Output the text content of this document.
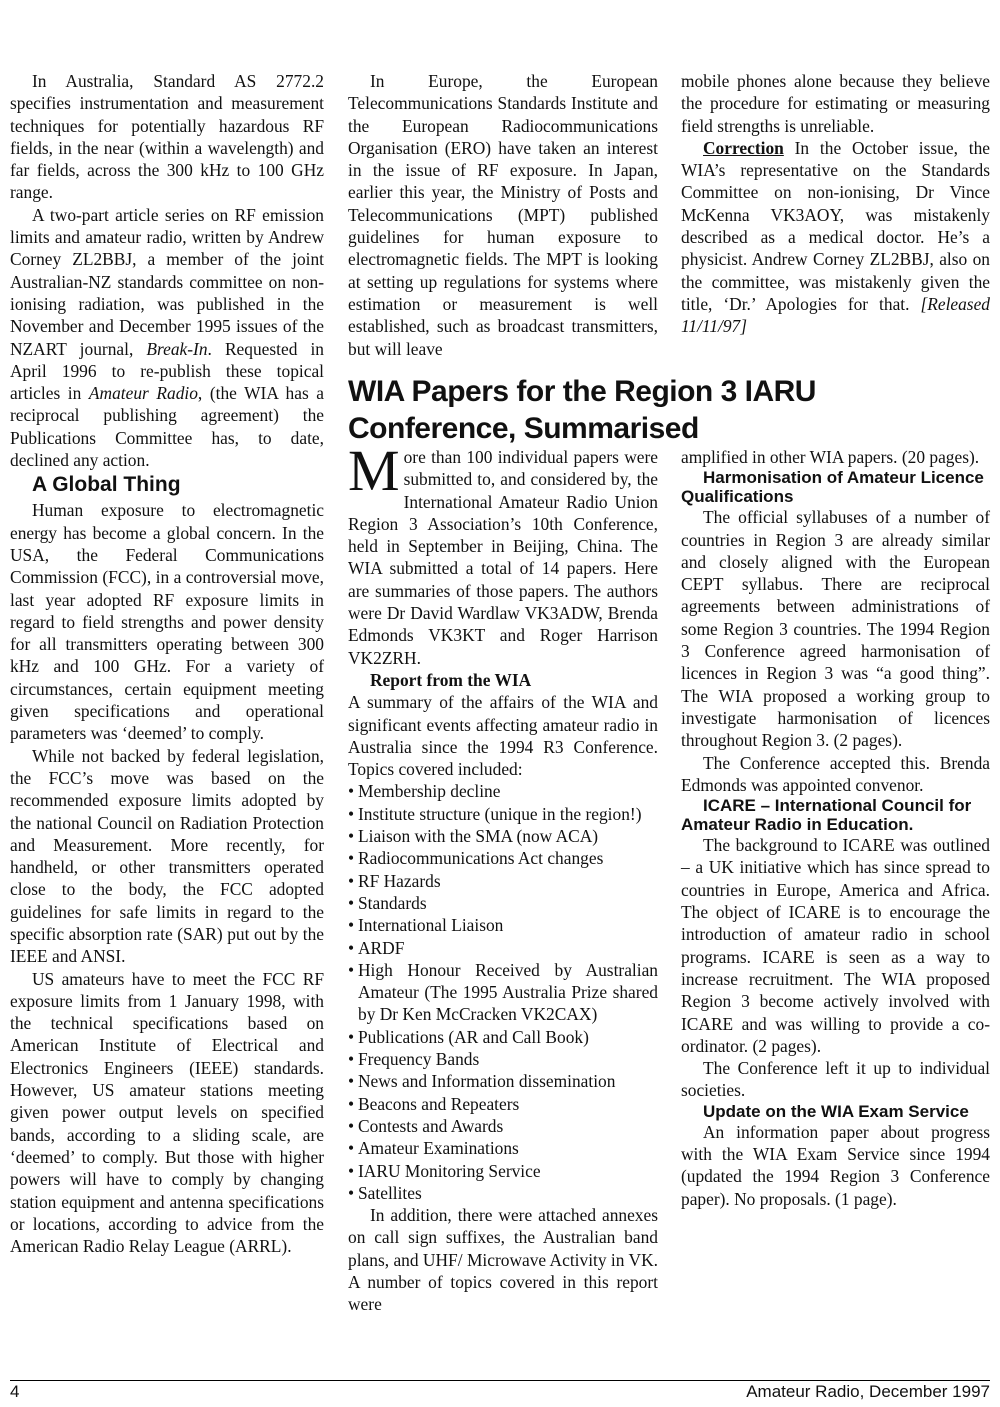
In Australia, Standard AS 2772.2 specifies instrumentation and measurement techniques for potentially hazardous RF fields, in the near (within a wavelength) and far fields, across the 300 kHz to 100 GHz range.

A two-part article series on RF emission limits and amateur radio, written by Andrew Corney ZL2BBJ, a member of the joint Australian-NZ standards committee on non-ionising radiation, was published in the November and December 1995 issues of the NZART journal, Break-In. Requested in April 1996 to re-publish these topical articles in Amateur Radio, (the WIA has a reciprocal publishing agreement) the Publications Committee has, to date, declined any action.

A Global Thing

Human exposure to electromagnetic energy has become a global concern. In the USA, the Federal Communications Commission (FCC), in a controversial move, last year adopted RF exposure limits in regard to field strengths and power density for all transmitters operating between 300 kHz and 100 GHz. For a variety of circumstances, certain equipment meeting given specifications and operational parameters was ‘deemed’ to comply.

While not backed by federal legislation, the FCC’s move was based on the recommended exposure limits adopted by the national Council on Radiation Protection and Measurement. More recently, for handheld, or other transmitters operated close to the body, the FCC adopted guidelines for safe limits in regard to the specific absorption rate (SAR) put out by the IEEE and ANSI.

US amateurs have to meet the FCC RF exposure limits from 1 January 1998, with the technical specifications based on American Institute of Electrical and Electronics Engineers (IEEE) standards. However, US amateur stations meeting given power output levels on specified bands, according to a sliding scale, are ‘deemed’ to comply. But those with higher powers will have to comply by changing station equipment and antenna specifications or locations, according to advice from the American Radio Relay League (ARRL).

In Europe, the European Telecommunications Standards Institute and the European Radiocommunications Organisation (ERO) have taken an interest in the issue of RF exposure. In Japan, earlier this year, the Ministry of Posts and Telecommunications (MPT) published guidelines for human exposure to electromagnetic fields. The MPT is looking at setting up regulations for systems where estimation or measurement is well established, such as broadcast transmitters, but will leave

mobile phones alone because they believe the procedure for estimating or measuring field strengths is unreliable.

Correction In the October issue, the WIA’s representative on the Standards Committee on non-ionising, Dr Vince McKenna VK3AOY, was mistakenly described as a medical doctor. He’s a physicist. Andrew Corney ZL2BBJ, also on the committee, was mistakenly given the title, ‘Dr.’ Apologies for that. [Released 11/11/97]

WIA Papers for the Region 3 IARU Conference, Summarised

More than 100 individual papers were submitted to, and considered by, the International Amateur Radio Union Region 3 Association’s 10th Conference, held in September in Beijing, China. The WIA submitted a total of 14 papers. Here are summaries of those papers. The authors were Dr David Wardlaw VK3ADW, Brenda Edmonds VK3KT and Roger Harrison VK2ZRH.

Report from the WIA

A summary of the affairs of the WIA and significant events affecting amateur radio in Australia since the 1994 R3 Conference. Topics covered included:

• Membership decline
• Institute structure (unique in the region!)
• Liaison with the SMA (now ACA)
• Radiocommunications Act changes
• RF Hazards
• Standards
• International Liaison
• ARDF
• High Honour Received by Australian Amateur (The 1995 Australia Prize shared by Dr Ken McCracken VK2CAX)
• Publications (AR and Call Book)
• Frequency Bands
• News and Information dissemination
• Beacons and Repeaters
• Contests and Awards
• Amateur Examinations
• IARU Monitoring Service
• Satellites

In addition, there were attached annexes on call sign suffixes, the Australian band plans, and UHF/ Microwave Activity in VK. A number of topics covered in this report were

amplified in other WIA papers. (20 pages).

Harmonisation of Amateur Licence Qualifications

The official syllabuses of a number of countries in Region 3 are already similar and closely aligned with the European CEPT syllabus. There are reciprocal agreements between administrations of some Region 3 countries. The 1994 Region 3 Conference agreed harmonisation of licences in Region 3 was “a good thing”. The WIA proposed a working group to investigate harmonisation of licences throughout Region 3. (2 pages).

The Conference accepted this. Brenda Edmonds was appointed convenor.

ICARE – International Council for Amateur Radio in Education.

The background to ICARE was outlined – a UK initiative which has since spread to countries in Europe, America and Africa. The object of ICARE is to encourage the introduction of amateur radio in school programs. ICARE is seen as a way to increase recruitment. The WIA proposed Region 3 become actively involved with ICARE and was willing to provide a co-ordinator. (2 pages).

The Conference left it up to individual societies.

Update on the WIA Exam Service

An information paper about progress with the WIA Exam Service since 1994 (updated the 1994 Region 3 Conference paper). No proposals. (1 page).

4	Amateur Radio, December 1997
